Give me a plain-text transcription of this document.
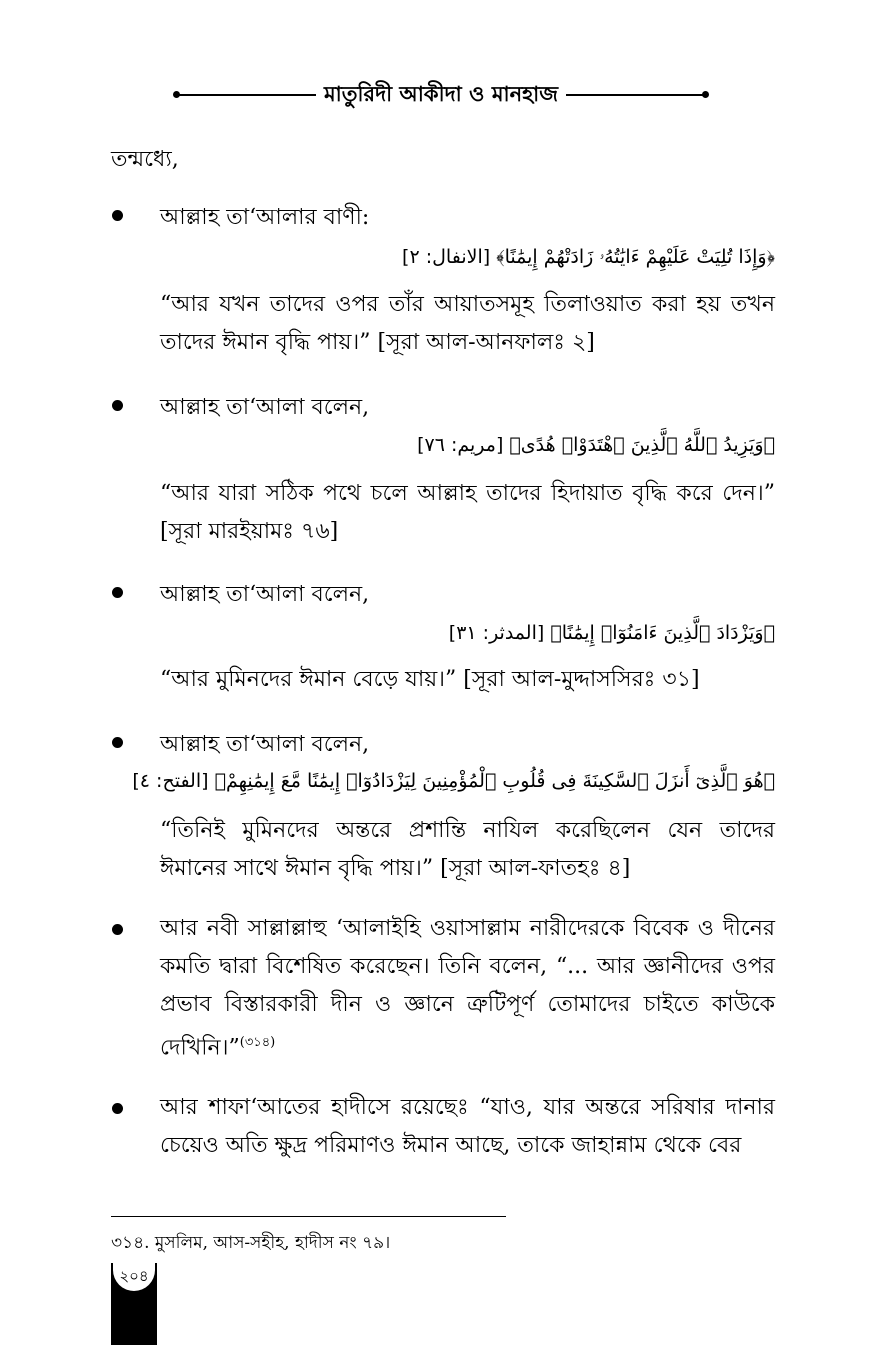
মাতুরিদী আকীদা ও মানহাজ
তন্মধ্যে,
আল্লাহ তা‘আলার বাণী:
﴿وَإِذَا تُلِيَتْ عَلَيْهِمْ ءَايَٰتُهُۥ زَادَتْهُمْ إِيمَٰنًا﴾ [الانفال: ٢]
“আর যখন তাদের ওপর তাঁর আয়াতসমূহ তিলাওয়াত করা হয় তখন তাদের ঈমান বৃদ্ধি পায়।” [সূরা আল-আনফালঃ ২]
আল্লাহ তা‘আলা বলেন,
﴿وَيَزِيدُ ٱللَّهُ ٱلَّذِينَ ٱهْتَدَوْا۟ هُدًى﴾ [مريم: ٧٦]
“আর যারা সঠিক পথে চলে আল্লাহ তাদের হিদায়াত বৃদ্ধি করে দেন।” [সূরা মারইয়ামঃ ৭৬]
আল্লাহ তা‘আলা বলেন,
﴿وَيَزْدَادَ ٱلَّذِينَ ءَامَنُوٓا۟ إِيمَٰنًا﴾ [المدثر: ٣١]
“আর মুমিনদের ঈমান বেড়ে যায়।” [সূরা আল-মুদ্দাসসিরঃ ৩১]
আল্লাহ তা‘আলা বলেন,
﴿هُوَ ٱلَّذِىٓ أَنزَلَ ٱلسَّكِينَةَ فِى قُلُوبِ ٱلْمُؤْمِنِينَ لِيَزْدَادُوٓا۟ إِيمَٰنًا مَّعَ إِيمَٰنِهِمْ﴾ [الفتح: ٤]
“তিনিই মুমিনদের অন্তরে প্রশান্তি নাযিল করেছিলেন যেন তাদের ঈমানের সাথে ঈমান বৃদ্ধি পায়।” [সূরা আল-ফাতহঃ ৪]
আর নবী সাল্লাল্লাহু ‘আলাইহি ওয়াসাল্লাম নারীদেরকে বিবেক ও দীনের কমতি দ্বারা বিশেষিত করেছেন। তিনি বলেন, “... আর জ্ঞানীদের ওপর প্রভাব বিস্তারকারী দীন ও জ্ঞানে ত্রুটিপূর্ণ তোমাদের চাইতে কাউকে দেখিনি।”$^{(৩১৪)}$
আর শাফা‘আতের হাদীসে রয়েছেঃ “যাও, যার অন্তরে সরিষার দানার চেয়েও অতি ক্ষুদ্র পরিমাণও ঈমান আছে, তাকে জাহান্নাম থেকে বের
৩১৪. মুসলিম, আস-সহীহ, হাদীস নং ৭৯।
২০৪
